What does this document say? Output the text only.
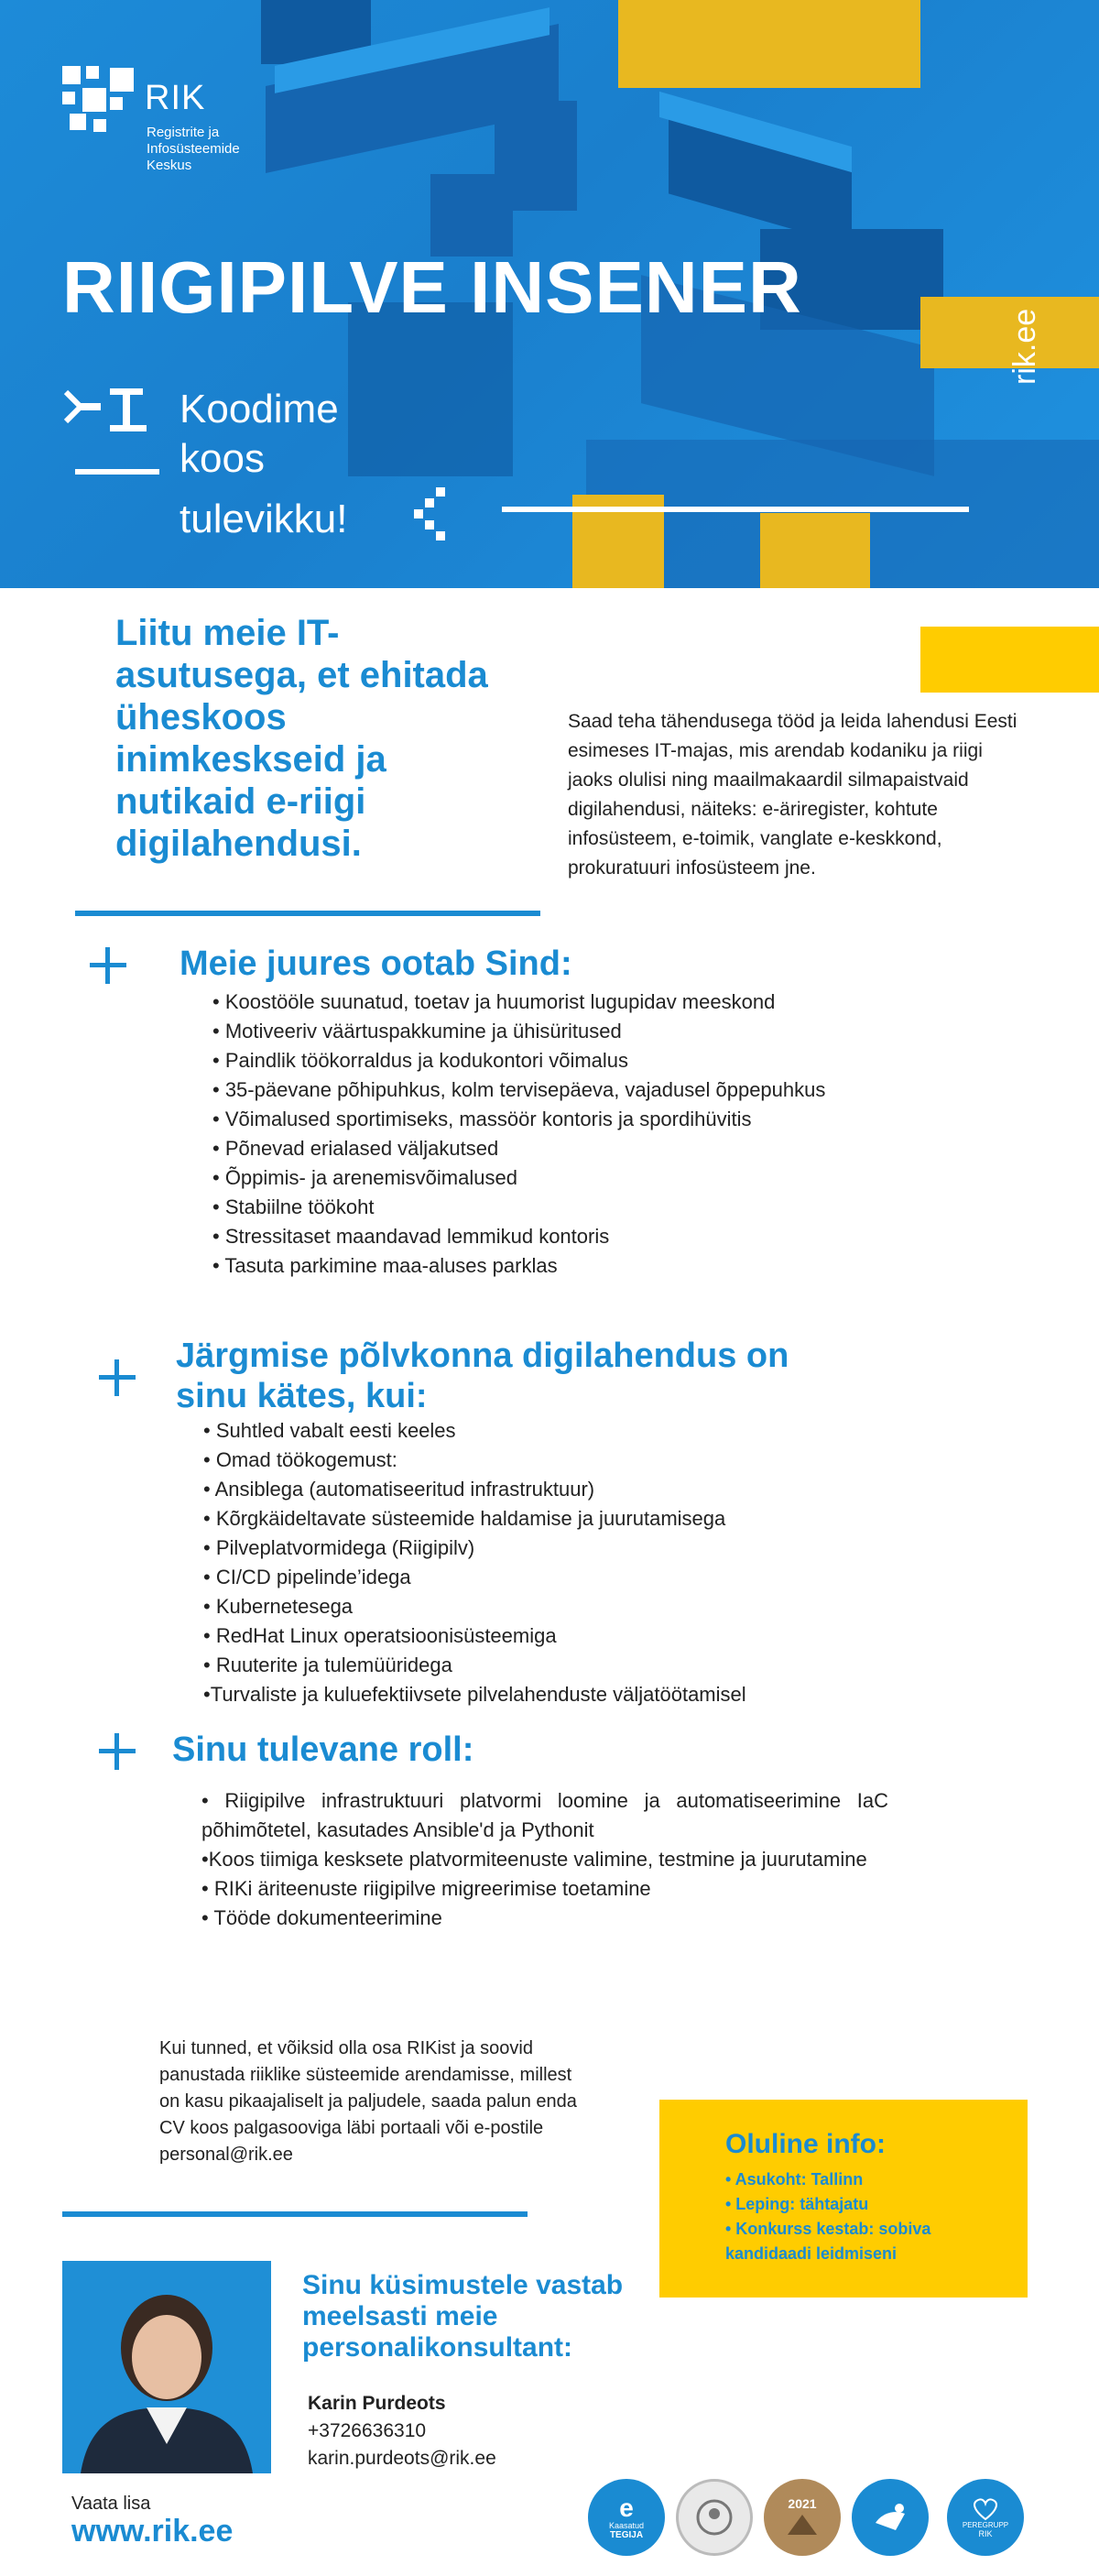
RIK
Registrite ja
Infosüsteemide
Keskus
RIIGIPILVE INSENER
Koodime
koos
tulevikku!
rik.ee
Liitu meie IT-asutusega, et ehitada üheskoos inimkeskseid ja nutikaid e-riigi digilahendusi.
Saad teha tähendusega tööd ja leida lahendusi Eesti esimeses IT-majas, mis arendab kodaniku ja riigi jaoks olulisi ning maailmakaardil silmapaistvaid digilahendusi, näiteks: e-äriregister, kohtute infosüsteem, e-toimik, vanglate e-keskkond, prokuratuuri infosüsteem jne.
Meie juures ootab Sind:
• Koostööle suunatud, toetav ja huumorist lugupidav meeskond
• Motiveeriv väärtuspakkumine ja ühisüritused
• Paindlik töökorraldus ja kodukontori võimalus
• 35-päevane põhipuhkus, kolm tervisepäeva, vajadusel õppepuhkus
• Võimalused sportimiseks, massöör kontoris ja spordihüvitis
• Põnevad erialased väljakutsed
• Õppimis- ja arenemisvõimalused
• Stabiilne töökoht
• Stressitaset maandavad lemmikud kontoris
• Tasuta parkimine maa-aluses parklas
Järgmise põlvkonna digilahendus on
sinu kätes, kui:
• Suhtled vabalt eesti keeles
• Omad töökogemust:
• Ansiblega (automatiseeritud infrastruktuur)
• Kõrgkäideltavate süsteemide haldamise ja juurutamisega
• Pilveplatvormidega (Riigipilv)
• CI/CD pipelinde’idega
• Kubernetesega
• RedHat Linux operatsioonisüsteemiga
• Ruuterite ja tulemüüridega
•Turvaliste ja kuluefektiivsete pilvelahenduste väljatöötamisel
Sinu tulevane roll:

• Riigipilve infrastruktuuri platvormi loomine ja automatiseerimine IaC põhimõtetel, kasutades Ansible'd ja Pythonit

•Koos tiimiga kesksete platvormiteenuste valimine, testmine ja juurutamine

• RIKi äriteenuste riigipilve migreerimise toetamine

• Tööde dokumenteerimine

Kui tunned, et võiksid olla osa RIKist ja soovid panustada riiklike süsteemide arendamisse, millest on kasu pikaajaliselt ja paljudele, saada palun enda CV koos palgasooviga läbi portaali või e-postile personal@rik.ee	Oluline info:
• Asukoht: Tallinn
• Leping: tähtajatu
• Konkurss kestab: sobiva
kandidaadi leidmiseni
Sinu küsimustele vastab meelsasti meie personalikonsultant:
Karin Purdeots
+3726636310
karin.purdeots@rik.ee
Vaata lisa
www.rik.ee
e
Kaasatud
TEGIJA
2021
PEREGRUPP
RIK
